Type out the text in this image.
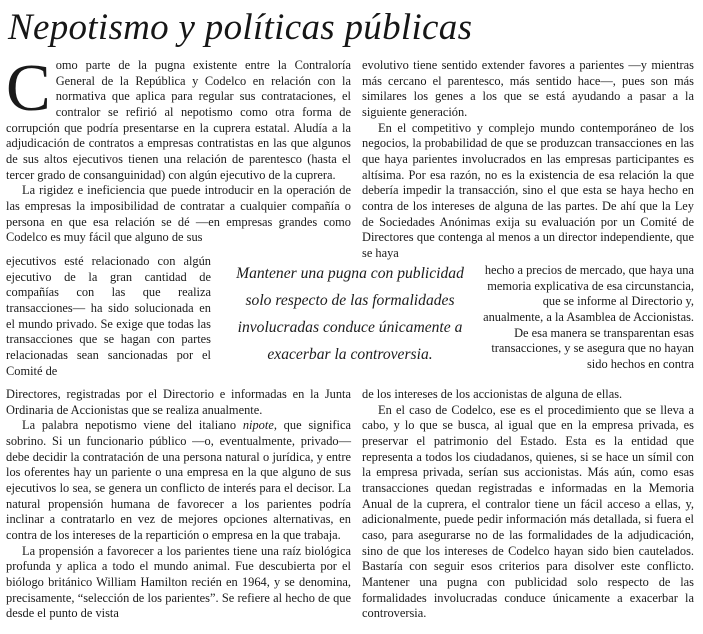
Nepotismo y políticas públicas

Como parte de la pugna existente entre la Contraloría General de la República y Codelco en relación con la normativa que aplica para regular sus contrataciones, el contralor se refirió al nepotismo como otra forma de corrupción que podría presentarse en la cuprera estatal. Aludía a la adjudicación de contratos a empresas contratistas en las que algunos de sus altos ejecutivos tienen una relación de parentesco (hasta el tercer grado de consanguinidad) con algún ejecutivo de la cuprera.

La rigidez e ineficiencia que puede introducir en la operación de las empresas la imposibilidad de contratar a cualquier compañía o persona en que esa relación se dé —en empresas grandes como Codelco es muy fácil que alguno de sus

ejecutivos esté relacionado con algún ejecutivo de la gran cantidad de compañías con las que realiza transacciones— ha sido solucionada en el mundo privado. Se exige que todas las transacciones que se hagan con partes relacionadas sean sancionadas por el Comité de

Mantener una pugna con publicidad solo respecto de las formalidades involucradas conduce únicamente a exacerbar la controversia.

Directores, registradas por el Directorio e informadas en la Junta Ordinaria de Accionistas que se realiza anualmente.

La palabra nepotismo viene del italiano nipote, que significa sobrino. Si un funcionario público —o, eventualmente, privado— debe decidir la contratación de una persona natural o jurídica, y entre los oferentes hay un pariente o una empresa en la que alguno de sus ejecutivos lo sea, se genera un conflicto de interés para el decisor. La natural propensión humana de favorecer a los parientes podría inclinar a contratarlo en vez de mejores opciones alternativas, en contra de los intereses de la repartición o empresa en la que trabaja.

La propensión a favorecer a los parientes tiene una raíz biológica profunda y aplica a todo el mundo animal. Fue descubierta por el biólogo británico William Hamilton recién en 1964, y se denomina, precisamente, “selección de los parientes”. Se refiere al hecho de que desde el punto de vista

evolutivo tiene sentido extender favores a parientes —y mientras más cercano el parentesco, más sentido hace—, pues son más similares los genes a los que se está ayudando a pasar a la siguiente generación.

En el competitivo y complejo mundo contemporáneo de los negocios, la probabilidad de que se produzcan transacciones en las que haya parientes involucrados en las empresas participantes es altísima. Por esa razón, no es la existencia de esa relación la que debería impedir la transacción, sino el que esta se haya hecho en contra de los intereses de alguna de las partes. De ahí que la Ley de Sociedades Anónimas exija su evaluación por un Comité de Directores que contenga al menos a un director independiente, que se haya

hecho a precios de mercado, que haya una memoria explicativa de esa circunstancia, que se informe al Directorio y, anualmente, a la Asamblea de Accionistas. De esa manera se transparentan esas transacciones, y se asegura que no hayan sido hechos en contra

de los intereses de los accionistas de alguna de ellas.

En el caso de Codelco, ese es el procedimiento que se lleva a cabo, y lo que se busca, al igual que en la empresa privada, es preservar el patrimonio del Estado. Esta es la entidad que representa a todos los ciudadanos, quienes, si se hace un símil con la empresa privada, serían sus accionistas. Más aún, como esas transacciones quedan registradas e informadas en la Memoria Anual de la cuprera, el contralor tiene un fácil acceso a ellas, y, adicionalmente, puede pedir información más detallada, si fuera el caso, para asegurarse no de las formalidades de la adjudicación, sino de que los intereses de Codelco hayan sido bien cautelados. Bastaría con seguir esos criterios para disolver este conflicto. Mantener una pugna con publicidad solo respecto de las formalidades involucradas conduce únicamente a exacerbar la controversia.
